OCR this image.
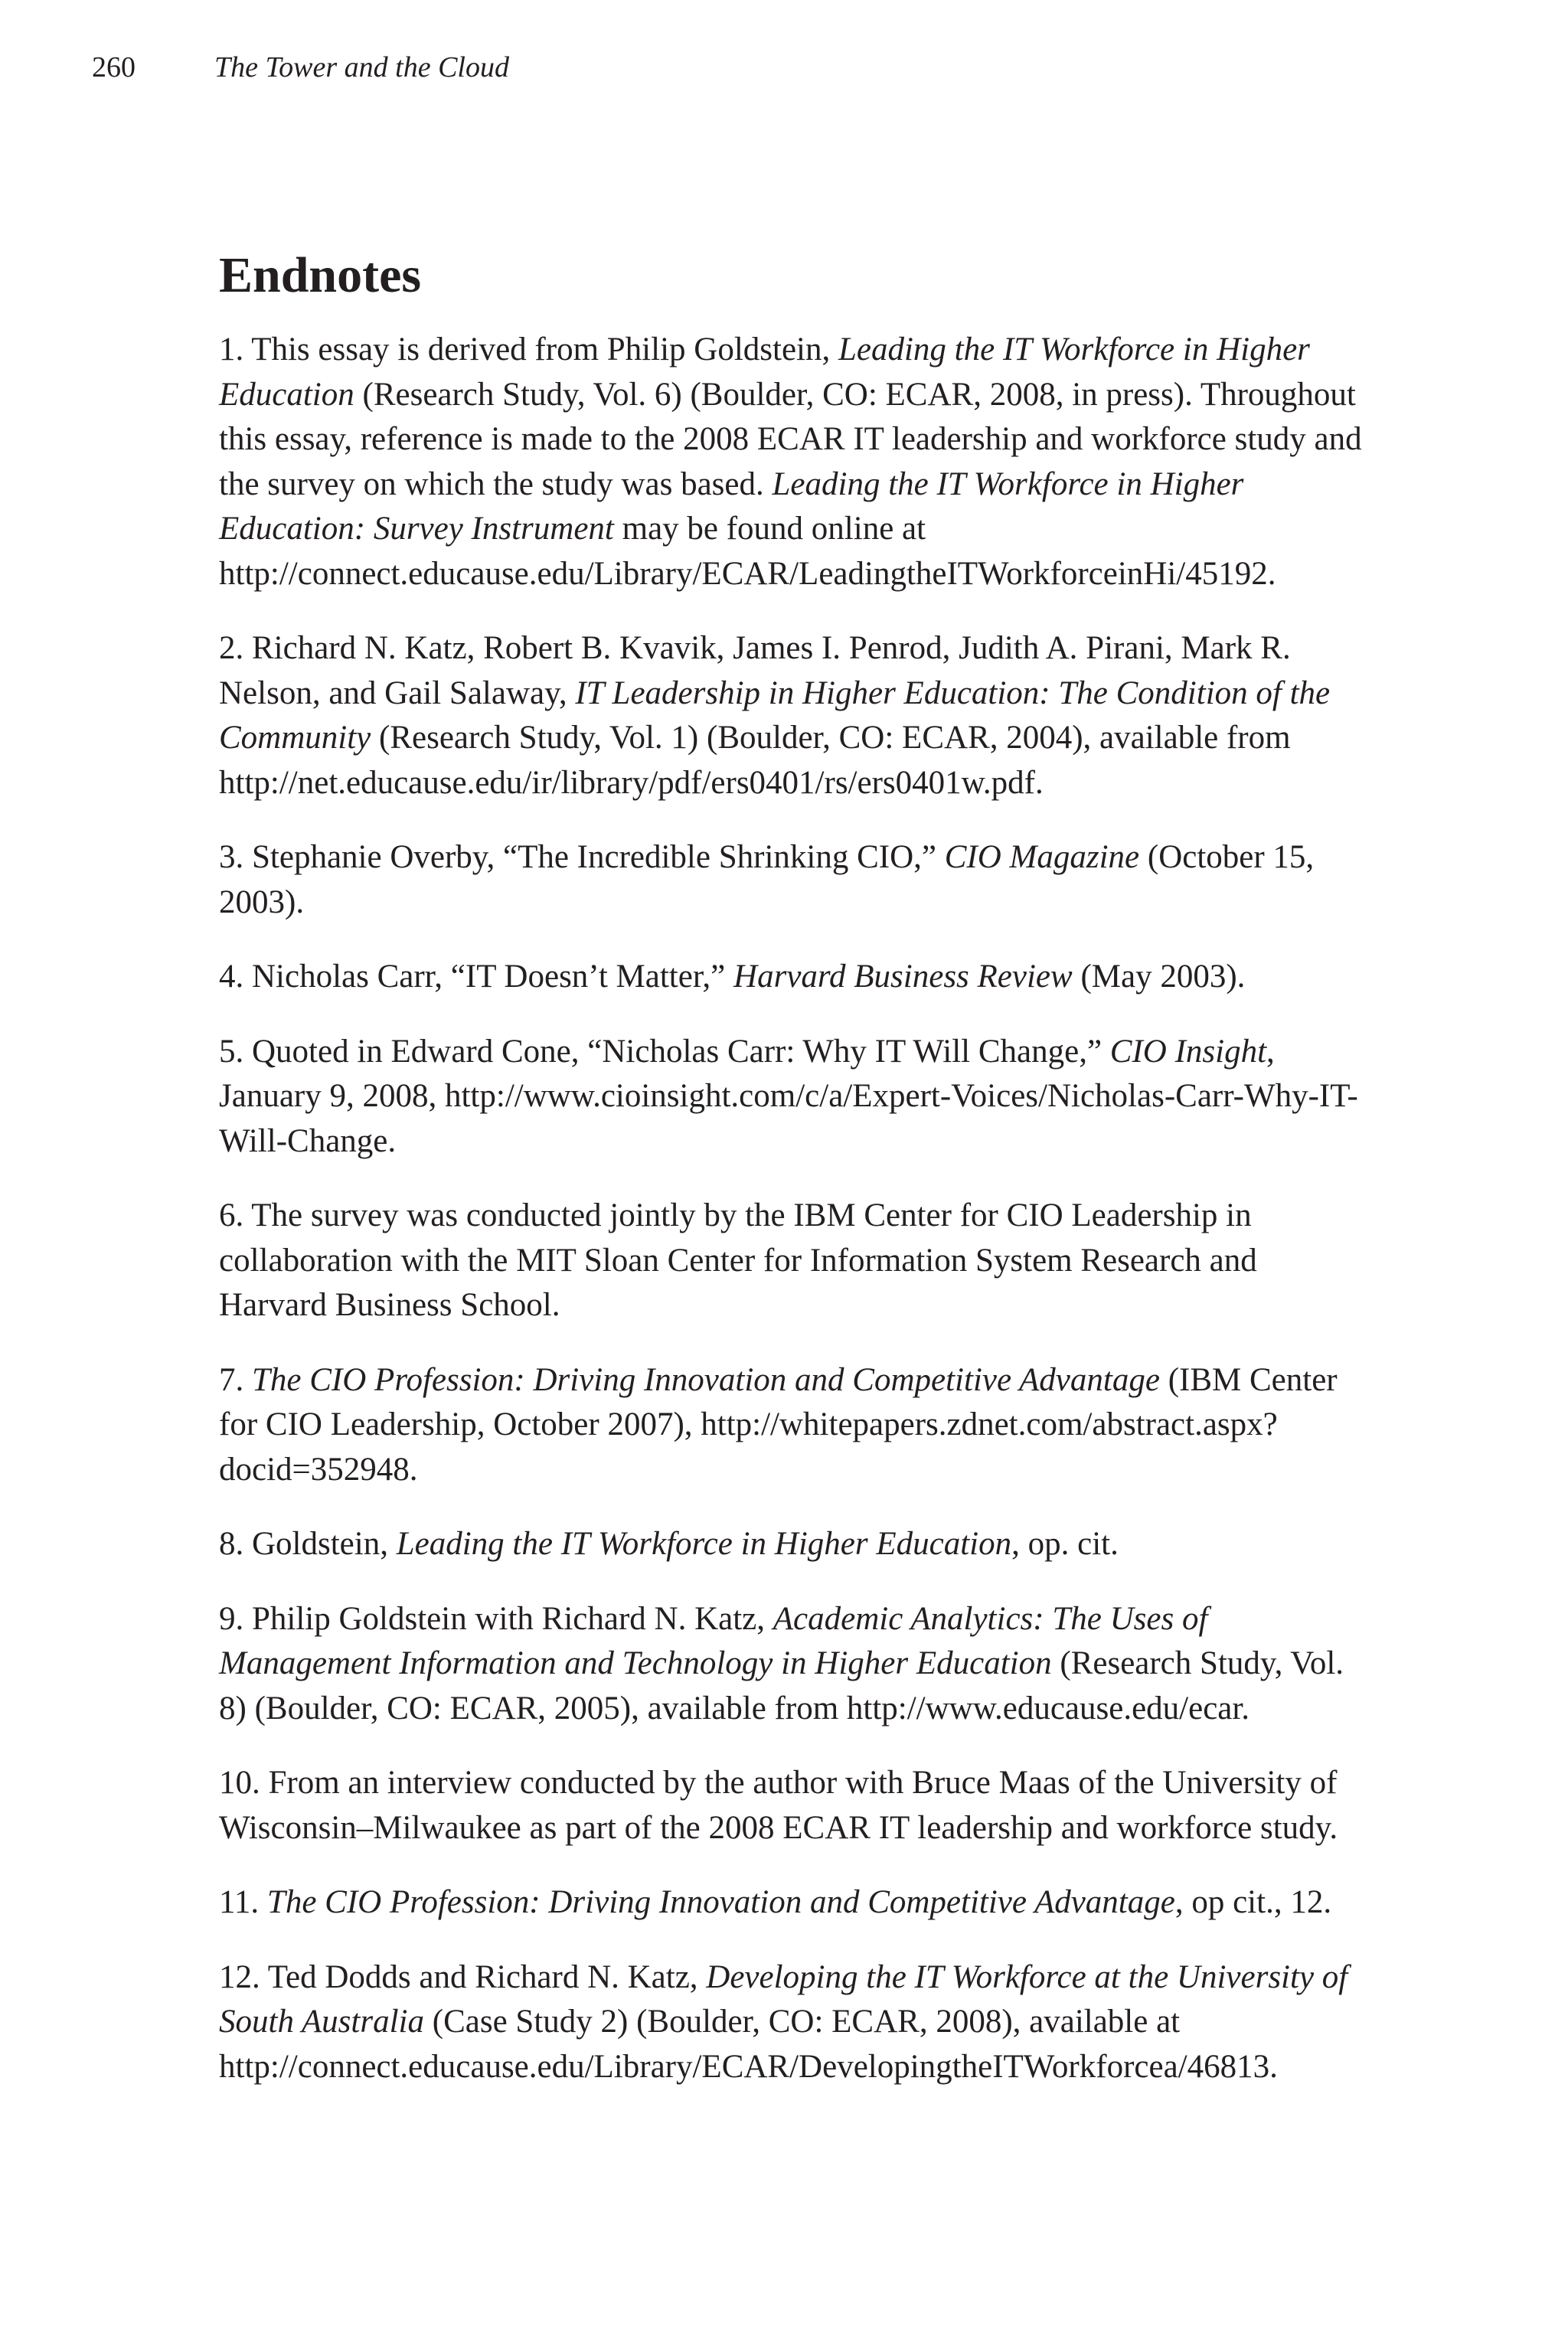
260	The Tower and the Cloud
Endnotes
1. This essay is derived from Philip Goldstein, Leading the IT Workforce in Higher Education (Research Study, Vol. 6) (Boulder, CO: ECAR, 2008, in press). Throughout this essay, reference is made to the 2008 ECAR IT leadership and workforce study and the survey on which the study was based. Leading the IT Workforce in Higher Education: Survey Instrument may be found online at http://connect.educause.edu/Library/ECAR/LeadingtheITWorkforceinHi/45192.
2. Richard N. Katz, Robert B. Kvavik, James I. Penrod, Judith A. Pirani, Mark R. Nelson, and Gail Salaway, IT Leadership in Higher Education: The Condition of the Community (Research Study, Vol. 1) (Boulder, CO: ECAR, 2004), available from http://net.educause.edu/ir/library/pdf/ers0401/rs/ers0401w.pdf.
3. Stephanie Overby, “The Incredible Shrinking CIO,” CIO Magazine (October 15, 2003).
4. Nicholas Carr, “IT Doesn’t Matter,” Harvard Business Review (May 2003).
5. Quoted in Edward Cone, “Nicholas Carr: Why IT Will Change,” CIO Insight, January 9, 2008, http://www.cioinsight.com/c/a/Expert-Voices/Nicholas-Carr-Why-IT-Will-Change.
6. The survey was conducted jointly by the IBM Center for CIO Leadership in collaboration with the MIT Sloan Center for Information System Research and Harvard Business School.
7. The CIO Profession: Driving Innovation and Competitive Advantage (IBM Center for CIO Leadership, October 2007), http://whitepapers.zdnet.com/abstract.aspx?docid=352948.
8. Goldstein, Leading the IT Workforce in Higher Education, op. cit.
9. Philip Goldstein with Richard N. Katz, Academic Analytics: The Uses of Management Information and Technology in Higher Education (Research Study, Vol. 8) (Boulder, CO: ECAR, 2005), available from http://www.educause.edu/ecar.
10. From an interview conducted by the author with Bruce Maas of the University of Wisconsin–Milwaukee as part of the 2008 ECAR IT leadership and workforce study.
11. The CIO Profession: Driving Innovation and Competitive Advantage, op cit., 12.
12. Ted Dodds and Richard N. Katz, Developing the IT Workforce at the University of South Australia (Case Study 2) (Boulder, CO: ECAR, 2008), available at http://connect.educause.edu/Library/ECAR/DevelopingtheITWorkforcea/46813.
